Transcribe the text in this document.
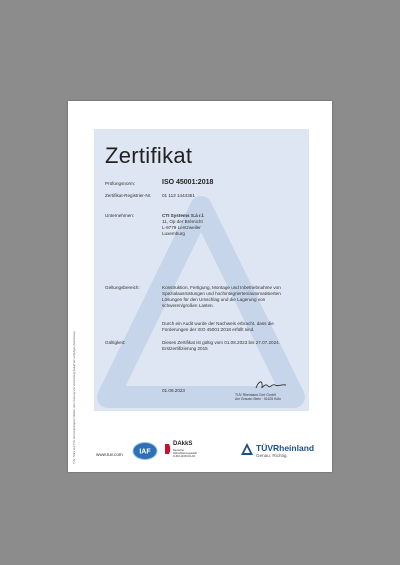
TÜV, TUEV und TUV sind eingetragene Marken. Eine Nutzung und Verwendung bedarf der vorherigen Zustimmung.
Zertifikat
Prüfungsnorm:	ISO 45001:2018
Zertifikat-Registrier-Nr. 01 113 1444351
Unternehmen:	CTI Systems S.à r.l.
11, Op der Brèmicht
L-9779 Lentzweiler
Luxemburg
Geltungsbereich:	Konstruktion, Fertigung, Montage und Inbetriebnahme von
Spezialausrüstungen und hochintegrierten/automatisierten
Lösungen für den Umschlag und die Lagerung von
schweren/großen Lasten.
Durch ein Audit wurde der Nachweis erbracht, dass die
Forderungen der ISO 45001:2018 erfüllt sind.
Gültigkeit:	Dieses Zertifikat ist gültig vom 01.08.2023 bis 27.07.2024.
Erstzertifizierung 2015
01.08.2023
TÜV Rheinland Cert GmbH
Am Grauen Stein · 51105 Köln
www.tuv.com IAF
DAkkS
Deutsche
Akkreditierungsstelle
D-ZM-14153-01-00
TÜVRheinland
Genau. Richtig.
